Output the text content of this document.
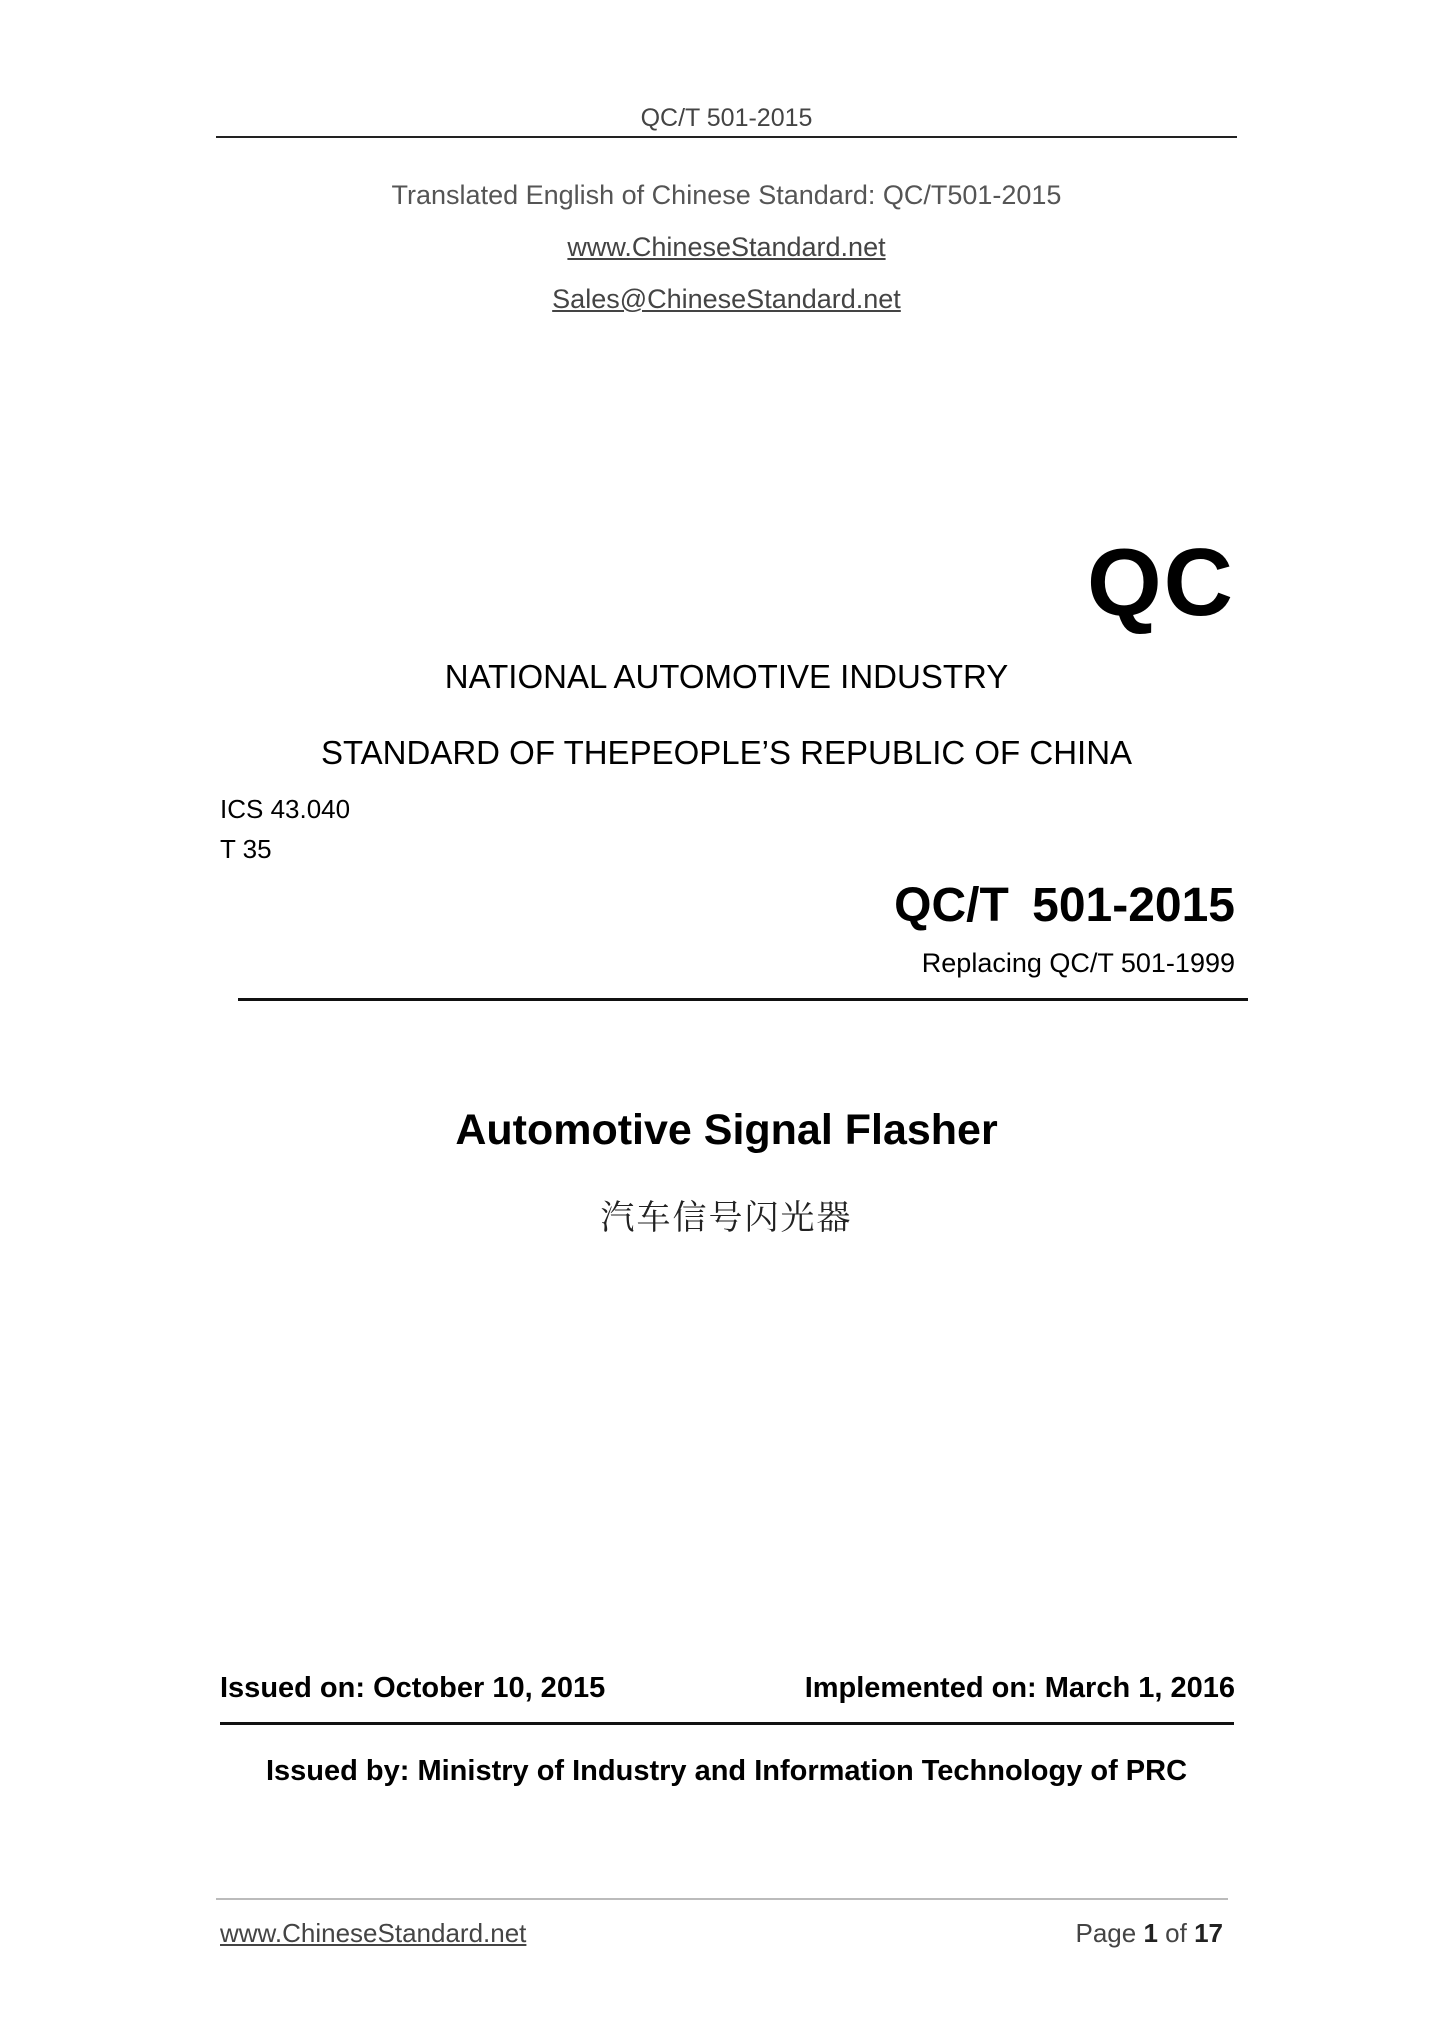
QC/T 501-2015
Translated English of Chinese Standard: QC/T501-2015
www.ChineseStandard.net
Sales@ChineseStandard.net
QC
NATIONAL AUTOMOTIVE INDUSTRY
STANDARD OF THEPEOPLE’S REPUBLIC OF CHINA
ICS 43.040
T 35
QC/T 501-2015
Replacing QC/T 501-1999
Automotive Signal Flasher
汽车信号闪光器
Issued on: October 10, 2015	Implemented on: March 1, 2016
Issued by: Ministry of Industry and Information Technology of PRC
www.ChineseStandard.net	Page 1 of 17
